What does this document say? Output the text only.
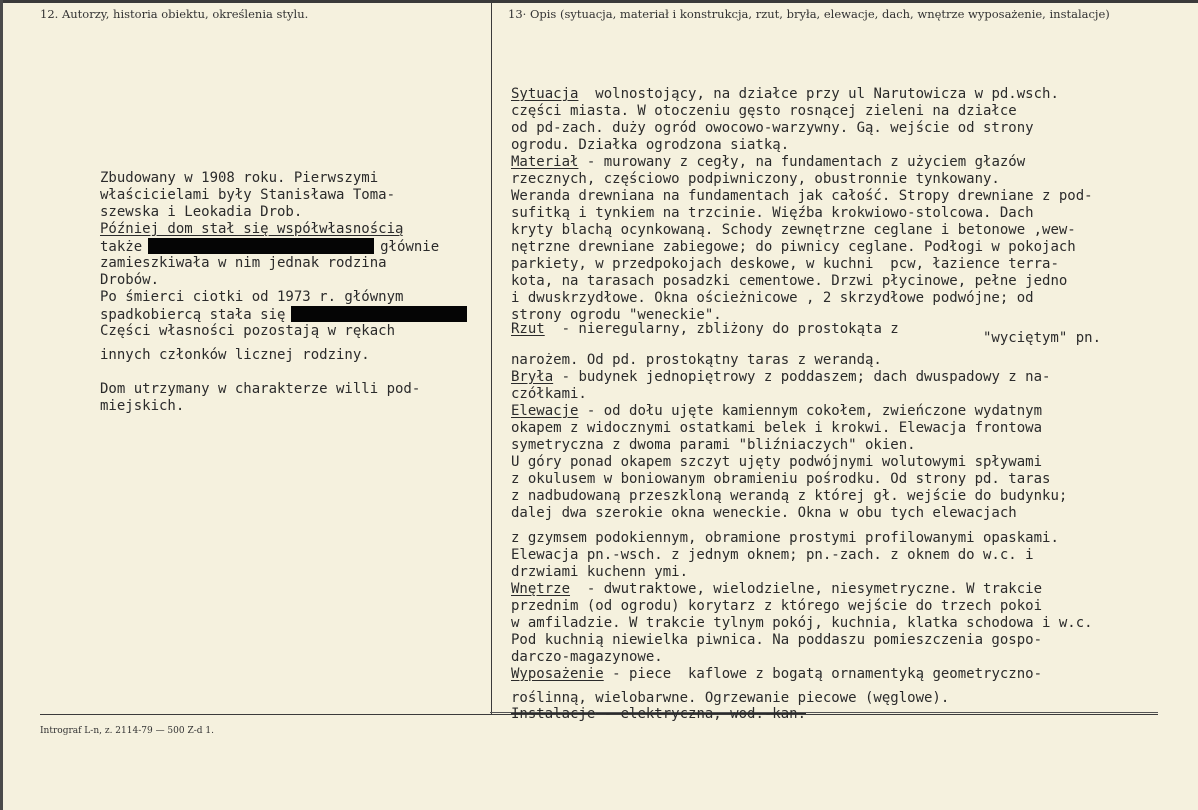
12. Autorzy, historia obiektu, określenia stylu.	13· Opis (sytuacja, materiał i konstrukcja, rzut, bryła, elewacje, dach, wnętrze wyposażenie, instalacje)
Zbudowany w 1908 roku. Pierwszymi
właścicielami były Stanisława Toma-
szewska i Leokadia Drob.
Później dom stał się współwłasnością
także	głównie
zamieszkiwała w nim jednak rodzina
Drobów.
Po śmierci ciotki od 1973 r. głównym
spadkobiercą stała się
Części własności pozostają w rękach
innych członków licznej rodziny.
Dom utrzymany w charakterze willi pod-
miejskich.
Sytuacja  wolnostojący, na działce przy ul Narutowicza w pd.wsch.
części miasta. W otoczeniu gęsto rosnącej zieleni na działce
od pd-zach. duży ogród owocowo-warzywny. Gą. wejście od strony
ogrodu. Działka ogrodzona siatką.
Materiał - murowany z cegły, na fundamentach z użyciem głazów
rzecznych, częściowo podpiwniczony, obustronnie tynkowany.
Weranda drewniana na fundamentach jak całość. Stropy drewniane z pod-
sufitką i tynkiem na trzcinie. Więźba krokwiowo-stolcowa. Dach
kryty blachą ocynkowaną. Schody zewnętrzne ceglane i betonowe ,wew-
nętrzne drewniane zabiegowe; do piwnicy ceglane. Podłogi w pokojach
parkiety, w przedpokojach deskowe, w kuchni  pcw, łazience terra-
kota, na tarasach posadzki cementowe. Drzwi płycinowe, pełne jedno
i dwuskrzydłowe. Okna ościeżnicowe , 2 skrzydłowe podwójne; od
strony ogrodu "weneckie".
Rzut  - nieregularny, zbliżony do prostokąta z
"wyciętym" pn.
narożem. Od pd. prostokątny taras z werandą.
Bryła - budynek jednopiętrowy z poddaszem; dach dwuspadowy z na-
czółkami.
Elewacje - od dołu ujęte kamiennym cokołem, zwieńczone wydatnym
okapem z widocznymi ostatkami belek i krokwi. Elewacja frontowa
symetryczna z dwoma parami "bliźniaczych" okien.
U góry ponad okapem szczyt ujęty podwójnymi wolutowymi spływami
z okulusem w boniowanym obramieniu pośrodku. Od strony pd. taras
z nadbudowaną przeszkloną werandą z której gł. wejście do budynku;
dalej dwa szerokie okna weneckie. Okna w obu tych elewacjach
z gzymsem podokiennym, obramione prostymi profilowanymi opaskami.
Elewacja pn.-wsch. z jednym oknem; pn.-zach. z oknem do w.c. i
drzwiami kuchenn ymi.
Wnętrze  - dwutraktowe, wielodzielne, niesymetryczne. W trakcie
przednim (od ogrodu) korytarz z którego wejście do trzech pokoi
w amfiladzie. W trakcie tylnym pokój, kuchnia, klatka schodowa i w.c.
Pod kuchnią niewielka piwnica. Na poddaszu pomieszczenia gospo-
darczo-magazynowe.
Wyposażenie - piece  kaflowe z bogatą ornamentyką geometryczno-
roślinną, wielobarwne. Ogrzewanie piecowe (węglowe).
Instalacje - elektryczna, wod.-kan.
Intrograf L-n, z. 2114-79 — 500 Z-d 1.
